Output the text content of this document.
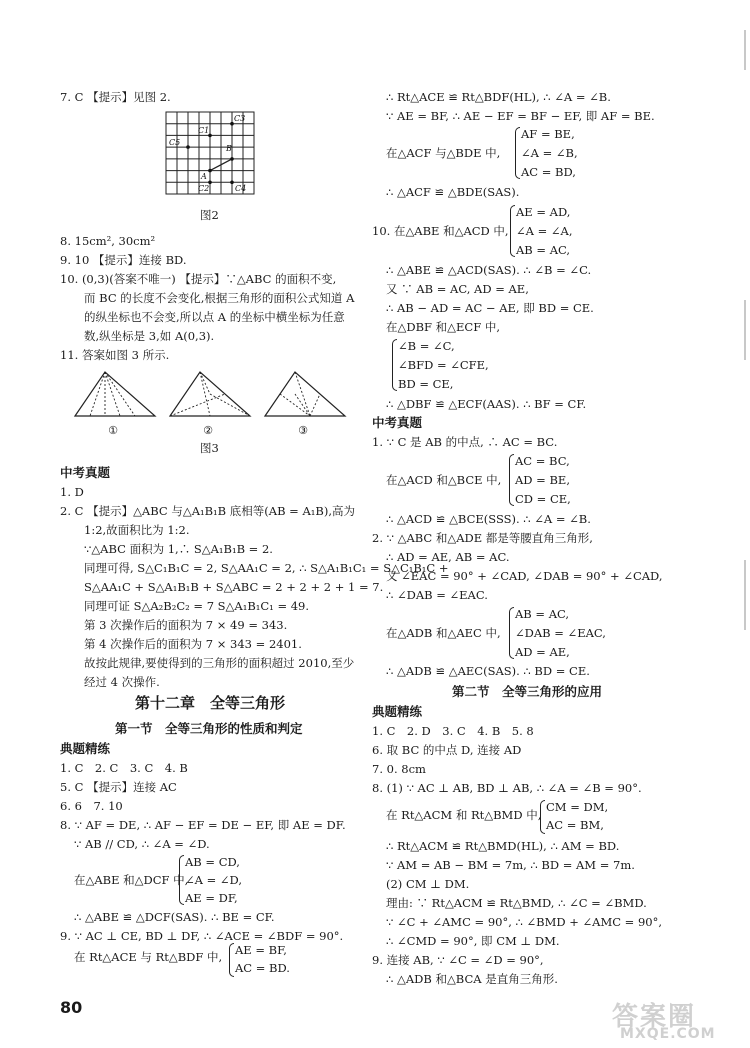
7. C 【提示】见图 2.
C3
C1
B
A
C2	C4
C5
图2
8. 15cm², 30cm²
9. 10 【提示】连接 BD.
10. (0,3)(答案不唯一) 【提示】∵△ABC 的面积不变,
而 BC 的长度不会变化,根据三角形的面积公式知道 A
的纵坐标也不会变,所以点 A 的坐标中横坐标为任意
数,纵坐标是 3,如 A(0,3).
11. 答案如图 3 所示.
①	②	③
图3
中考真题
1. D
2. C 【提示】△ABC 与△A₁B₁B 底相等(AB = A₁B),高为
1:2,故面积比为 1:2.
∵△ABC 面积为 1,∴ S△A₁B₁B = 2.
同理可得, S△C₁B₁C = 2, S△AA₁C = 2, ∴ S△A₁B₁C₁ = S△C₁B₁C +
S△AA₁C + S△A₁B₁B + S△ABC = 2 + 2 + 2 + 1 = 7.
同理可证 S△A₂B₂C₂ = 7 S△A₁B₁C₁ = 49.
第 3 次操作后的面积为 7 × 49 = 343.
第 4 次操作后的面积为 7 × 343 = 2401.
故按此规律,要使得到的三角形的面积超过 2010,至少
经过 4 次操作.
第十二章　全等三角形
第一节　全等三角形的性质和判定
典题精练
1. C　2. C　3. C　4. B
5. C 【提示】连接 AC
6. 6　7. 10
8. ∵ AF = DE, ∴ AF − EF = DE − EF, 即 AE = DF.
∵ AB // CD, ∴ ∠A = ∠D.
AB = CD,
在△ABE 和△DCF 中,
∠A = ∠D,
AE = DF,
∴ △ABE ≌ △DCF(SAS). ∴ BE = CF.
9. ∵ AC ⊥ CE, BD ⊥ DF, ∴ ∠ACE = ∠BDF = 90°.
在 Rt△ACE 与 Rt△BDF 中, AE = BF,
AC = BD.
80
∴ Rt△ACE ≌ Rt△BDF(HL), ∴ ∠A = ∠B.
∵ AE = BF, ∴ AE − EF = BF − EF, 即 AF = BE.
AF = BE,
在△ACF 与△BDE 中, ∠A = ∠B,
AC = BD,
∴ △ACF ≌ △BDE(SAS).
AE = AD,
10. 在△ABE 和△ACD 中, ∠A = ∠A,
AB = AC,
∴ △ABE ≌ △ACD(SAS). ∴ ∠B = ∠C.
又 ∵ AB = AC, AD = AE,
∴ AB − AD = AC − AE, 即 BD = CE.
在△DBF 和△ECF 中,
∠B = ∠C,
∠BFD = ∠CFE,
BD = CE,
∴ △DBF ≌ △ECF(AAS). ∴ BF = CF.
中考真题
1. ∵ C 是 AB 的中点, ∴ AC = BC.
AC = BC,
在△ACD 和△BCE 中, AD = BE,
CD = CE,
∴ △ACD ≌ △BCE(SSS). ∴ ∠A = ∠B.
2. ∵ △ABC 和△ADE 都是等腰直角三角形,
∴ AD = AE, AB = AC.
又 ∠EAC = 90° + ∠CAD, ∠DAB = 90° + ∠CAD,
∴ ∠DAB = ∠EAC.
AB = AC,
在△ADB 和△AEC 中, ∠DAB = ∠EAC,
AD = AE,
∴ △ADB ≌ △AEC(SAS). ∴ BD = CE.
第二节　全等三角形的应用
典题精练
1. C　2. D　3. C　4. B　5. 8
6. 取 BC 的中点 D, 连接 AD
7. 0. 8cm
8. (1) ∵ AC ⊥ AB, BD ⊥ AB, ∴ ∠A = ∠B = 90°.
在 Rt△ACM 和 Rt△BMD 中,
CM = DM,
AC = BM,
∴ Rt△ACM ≌ Rt△BMD(HL), ∴ AM = BD.
∵ AM = AB − BM = 7m, ∴ BD = AM = 7m.
(2) CM ⊥ DM.
理由: ∵ Rt△ACM ≌ Rt△BMD, ∴ ∠C = ∠BMD.
∵ ∠C + ∠AMC = 90°, ∴ ∠BMD + ∠AMC = 90°,
∴ ∠CMD = 90°, 即 CM ⊥ DM.
9. 连接 AB, ∵ ∠C = ∠D = 90°,
∴ △ADB 和△BCA 是直角三角形.
答案圈
MXQE.COM
